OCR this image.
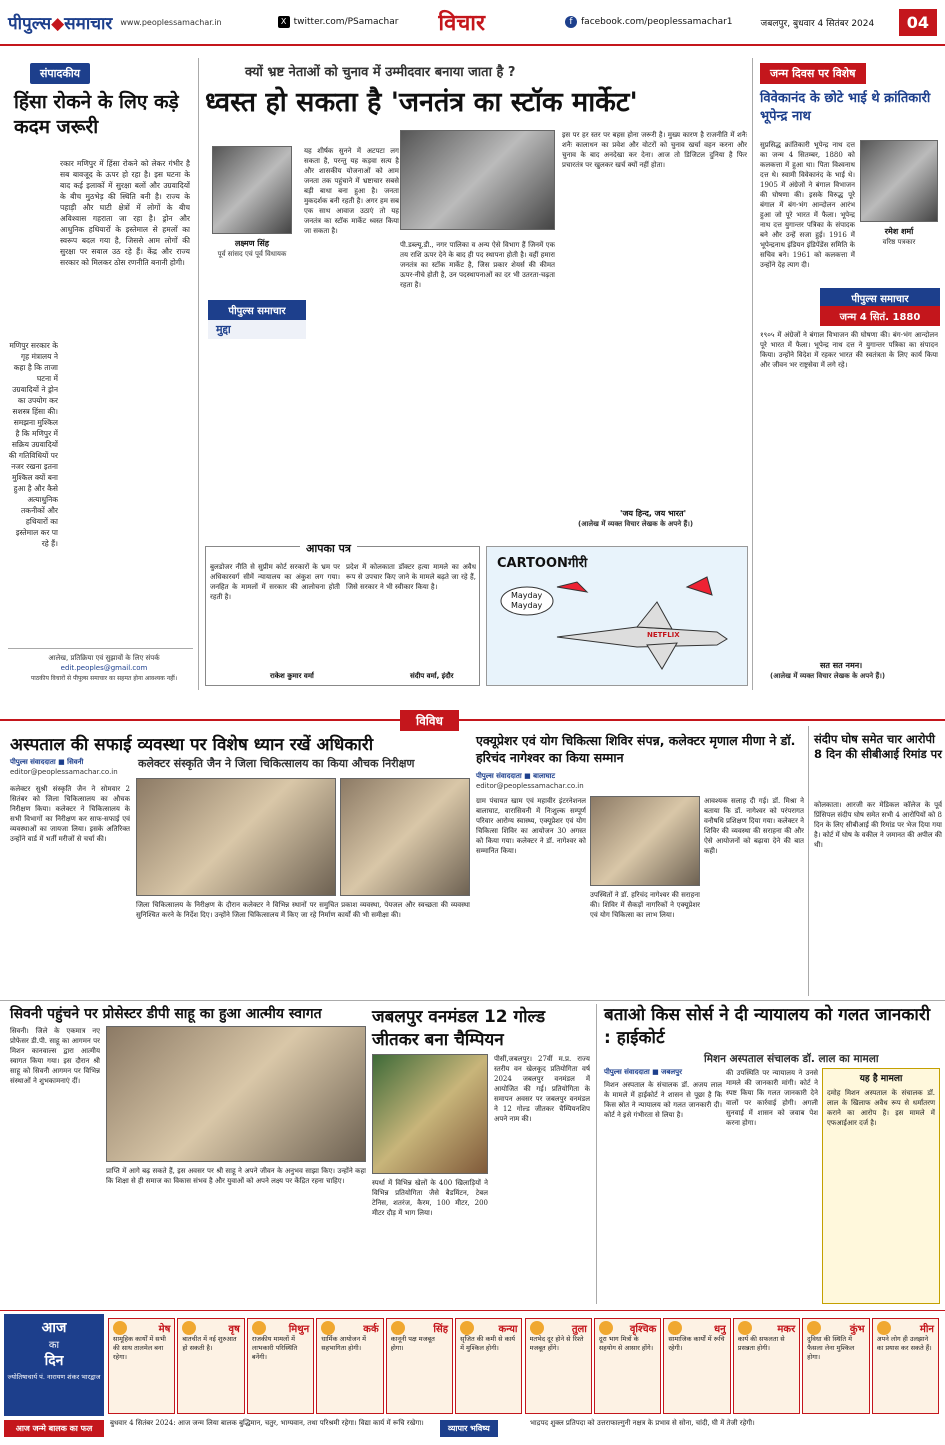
पीपुल्स◆समाचार www.peoplessamachar.in	X twitter.com/PSamachar विचार	f facebook.com/peoplessamachar1	जबलपुर, बुधवार 4 सितंबर 2024	04
संपादकीय
हिंसा रोकने के लिए कड़े कदम जरूरी
रकार मणिपुर में हिंसा रोकने को लेकर गंभीर है सब बावजूद के ऊपर हो रहा है। इस घटना के बाद कई इलाकों में सुरक्षा बलों और उग्रवादियों के बीच मुठभेड़ की स्थिति बनी है। राज्य के पहाड़ी और घाटी क्षेत्रों में लोगों के बीच अविश्वास गहराता जा रहा है। ड्रोन और आधुनिक हथियारों के इस्तेमाल से हमलों का स्वरूप बदल गया है, जिससे आम लोगों की सुरक्षा पर सवाल उठ रहे हैं। केंद्र और राज्य सरकार को मिलकर ठोस रणनीति बनानी होगी।
मणिपुर सरकार के गृह मंत्रालय ने कहा है कि ताजा घटना में उग्रवादियों ने ड्रोन का उपयोग कर सशस्त्र हिंसा की। समझना मुश्किल है कि मणिपुर में सक्रिय उग्रवादियों की गतिविधियों पर नजर रखना इतना मुश्किल क्यों बना हुआ है और कैसे अत्याधुनिक तकनीकों और हथियारों का इस्तेमाल कर पा रहे हैं।
आलेख, प्रतिक्रिया एवं सुझावों के लिए संपर्क
edit.peoples@gmail.com
पाठकीय विचारों से पीपुल्स समाचार का सहमत होना आवश्यक नहीं।
क्यों भ्रष्ट नेताओं को चुनाव में उम्मीदवार बनाया जाता है ?
ध्वस्त हो सकता है 'जनतंत्र का स्टॉक मार्केट'
लक्ष्मण सिंह
पूर्व सांसद एवं पूर्व विधायक
पीपुल्स समाचार
मुद्दा
यह शीर्षक सुनने में अटपटा लग सकता है, परन्तु यह कड़वा सत्य है और शासकीय योजनाओं को आम जनता तक पहुंचाने में भ्रष्टाचार सबसे बड़ी बाधा बना हुआ है। जनता मुकदर्शक बनी रहती है। अगर हम सब एक साथ आवाज उठाएं तो यह जनतंत्र का स्टॉक मार्केट ध्वस्त किया जा सकता है।
पी.डब्ल्यू.डी., नगर पालिका व अन्य ऐसे विभाग हैं जिनमें एक तय राशि ऊपर देने के बाद ही पद स्थापना होती है। वहीं हमारा जनतंत्र का स्टॉक मार्केट है, जिस प्रकार शेयर्स की कीमत ऊपर-नीचे होती है, उन पदस्थापनाओं का दर भी उतरता-चढ़ता रहता है।
इस पर हर स्तर पर बहस होना जरूरी है। मुख्य कारण है राजनीति में शनैः शनैः कालाधन का प्रवेश और वोटरों को चुनाव खर्चा वहन करना और चुनाव के बाद अनदेखा कर देना। आज तो डिजिटल दुनिया है फिर प्रचारतंत्र पर खुलकर खर्च क्यों नहीं होता।
'जय हिन्द, जय भारत'
(आलेख में व्यक्त विचार लेखक के अपने हैं।)
जन्म दिवस पर विशेष
विवेकानंद के छोटे भाई थे क्रांतिकारी भूपेन्द्र नाथ
रमेश शर्मा
वरिष्ठ पत्रकार
पीपुल्स समाचार
जन्म 4 सितं. 1880
सुप्रसिद्ध क्रांतिकारी भूपेन्द्र नाथ दत्त का जन्म 4 सितम्बर, 1880 को कलकत्ता में हुआ था। पिता विश्वनाथ दत्त थे। स्वामी विवेकानंद के भाई थे। 1905 में अंग्रेजों ने बंगाल विभाजन की घोषणा की। इसके विरुद्ध पूरे बंगाल में बंग-भंग आन्दोलन आरंभ हुआ जो पूरे भारत में फैला। भूपेन्द्र नाथ दत्त युगान्तर पत्रिका के संपादक बने और उन्हें सजा हुई। 1916 में भूपेन्द्रनाथ इंडियन इंडिपेंडेंस समिति के सचिव बने। 1961 को कलकत्ता में उन्होंने देह त्याग दी।
१९०५ में अंग्रेजों ने बंगाल विभाजन की घोषणा की। बंग-भंग आन्दोलन पूरे भारत में फैला। भूपेन्द्र नाथ दत्त ने युगान्तर पत्रिका का संपादन किया। उन्होंने विदेश में रहकर भारत की स्वतंत्रता के लिए कार्य किया और जीवन भर राष्ट्रसेवा में लगे रहे।
सत सत नमन।
(आलेख में व्यक्त विचार लेखक के अपने हैं।)
आपका पत्र
बुलडोजर नीति से सुप्रीम कोर्ट सरकारों के भ्रम पर अधिकारवर्ग सीमें न्यायालय का अंकुश लग गया। जनहित के मामलों में सरकार की आलोचना होती रहती है।
राकेश कुमार वर्मा
प्रदेश में कोलकाता डॉक्टर हत्या मामले का अवैध रूप से उपचार किए जाने के मामले बढ़ते जा रहे हैं, जिसे सरकार ने भी स्वीकार किया है।
संदीप वर्मा, इंदौर
CARTOONगीरी
Mayday
Mayday
NETFLIX
विविध
अस्पताल की सफाई व्यवस्था पर विशेष ध्यान रखें अधिकारी
पीपुल्स संवाददाता ■ सिवनी
editor@peoplessamachar.co.in
कलेक्टर संस्कृति जैन ने जिला चिकित्सालय का किया औचक निरीक्षण
कलेक्टर सुश्री संस्कृति जैन ने सोमवार 2 सितंबर को जिला चिकित्सालय का औचक निरीक्षण किया। कलेक्टर ने चिकित्सालय के सभी विभागों का निरीक्षण कर साफ-सफाई एवं व्यवस्थाओं का जायजा लिया। इसके अतिरिक्त उन्होंने वार्ड में भर्ती मरीजों से चर्चा की।
जिला चिकित्सालय के निरीक्षण के दौरान कलेक्टर ने विभिन्न स्थानों पर समुचित प्रकाश व्यवस्था, पेयजल और स्वच्छता की व्यवस्था सुनिश्चित करने के निर्देश दिए। उन्होंने जिला चिकित्सालय में किए जा रहे निर्माण कार्यों की भी समीक्षा की।
एक्यूप्रेशर एवं योग चिकित्सा शिविर संपन्न, कलेक्टर मृणाल मीणा ने डॉ. हरिचंद नागेश्वर का किया सम्मान
पीपुल्स संवाददाता ■ बालाघाट
editor@peoplessamachar.co.in
ग्राम पंचायत खाम एवं महावीर इंटरनेशनल बालाघाट, वारासिवनी में निःशुल्क सम्पूर्ण परिवार आरोग्य स्वास्थ्य, एक्यूप्रेशर एवं योग चिकित्सा शिविर का आयोजन 30 अगस्त को किया गया। कलेक्टर ने डॉ. नागेश्वर को सम्मानित किया।
उपस्थितों ने डॉ. हरिचंद नागेश्वर की सराहना की। शिविर में सैकड़ों नागरिकों ने एक्यूप्रेशर एवं योग चिकित्सा का लाभ लिया।
आवश्यक सलाह दी गई। डॉ. मिश्रा ने बताया कि डॉ. नागेश्वर को परंपरागत वनौषधि प्रशिक्षण दिया गया। कलेक्टर ने शिविर की व्यवस्था की सराहना की और ऐसे आयोजनों को बढ़ावा देने की बात कही।
संदीप घोष समेत चार आरोपी 8 दिन की सीबीआई रिमांड पर
कोलकाता। आरजी कर मेडिकल कॉलेज के पूर्व प्रिंसिपल संदीप घोष समेत सभी 4 आरोपियों को 8 दिन के लिए सीबीआई की रिमांड पर भेज दिया गया है। कोर्ट में घोष के वकील ने जमानत की अपील की थी।
सिवनी पहुंचने पर प्रोसेस्टर डीपी साहू का हुआ आत्मीय स्वागत
सिवनी। जिले के एकमात्र नए प्रोफेसर डी.पी. साहू का आगमन पर मिशन कानवाल्स द्वारा आत्मीय स्वागत किया गया। इस दौरान श्री साहू को सिवनी आगमन पर विभिन्न संस्थाओं ने शुभकामनाएं दीं।
प्राप्ति में आगे बढ़ सकते हैं, इस अवसर पर श्री साहू ने अपने जीवन के अनुभव साझा किए। उन्होंने कहा कि शिक्षा से ही समाज का विकास संभव है और युवाओं को अपने लक्ष्य पर केंद्रित रहना चाहिए।
जबलपुर वनमंडल 12 गोल्ड जीतकर बना चैम्पियन
पीसीं,जबलपुर। 27वीं म.प्र. राज्य स्तरीय वन खेलकूद प्रतियोगिता वर्ष 2024 जबलपुर वनमंडल में आयोजित की गई। प्रतियोगिता के समापन अवसर पर जबलपुर वनमंडल ने 12 गोल्ड जीतकर चैम्पियनशिप अपने नाम की।
स्पर्धा में विभिन्न खेलों के 400 खिलाड़ियों ने विभिन्न प्रतियोगिता जैसे बैडमिंटन, टेबल टेनिस, शतरंज, कैरम, 100 मीटर, 200 मीटर दौड़ में भाग लिया।
बताओ किस सोर्स ने दी न्यायालय को गलत जानकारी : हाईकोर्ट
मिशन अस्पताल संचालक डॉ. लाल का मामला
पीपुल्स संवाददाता ■ जबलपुर
मिशन अस्पताल के संचालक डॉ. अजय लाल के मामले में हाईकोर्ट ने शासन से पूछा है कि किस स्रोत ने न्यायालय को गलत जानकारी दी। कोर्ट ने इसे गंभीरता से लिया है।
की उपस्थिति पर न्यायालय ने उनसे मामले की जानकारी मांगी। कोर्ट ने स्पष्ट किया कि गलत जानकारी देने वालों पर कार्रवाई होगी। अगली सुनवाई में शासन को जवाब पेश करना होगा।
यह है मामला
दमोह मिशन अस्पताल के संचालक डॉ. लाल के खिलाफ अवैध रूप से धर्मांतरण कराने का आरोप है। इस मामले में एफआईआर दर्ज है।
आज
का
दिन
ज्योतिषाचार्य पं. नारायण शंकर भारद्वाज
मेष
सामूहिक कार्यों में सभी की साथ तालमेल बना रहेगा।
वृष
बातचीत में नई शुरुआत हो सकती है।
मिथुन
राजकीय मामलों में लाभकारी परिस्थिति बनेंगी।
कर्क
धार्मिक आयोजन में सहभागिता होगी।
सिंह
कानूनी पक्ष मजबूत होगा।
कन्या
सृजित की कमी से कार्य में मुश्किल होगी।
तुला
मतभेद दूर होने से रिश्ते मजबूत होंगे।
वृश्चिक
दूरा भाग मित्रों के सहयोग से आसार होंगे।
धनु
सामाजिक कार्यों में रूचि रहेगी।
मकर
कार्य की सफलता से प्रसन्नता होगी।
कुंभ
दुविधा की स्थिति में फैसला लेना मुश्किल होगा।
मीन
अपने लोग ही उलझाने का प्रयास कर सकते हैं।
आज जन्मे बालक का फल
बुधवार 4 सितंबर 2024: आज जन्म लिया बालक बुद्धिमान, चतुर, भाग्यवान, तथा परिश्रमी रहेगा। विद्या कार्य में रूचि रखेगा।
व्यापार भविष्य
भाद्रपद शुक्ल प्रतिपदा को उत्तराफाल्गुनी नक्षत्र के प्रभाव से सोना, चांदी, घी में तेजी रहेगी।
